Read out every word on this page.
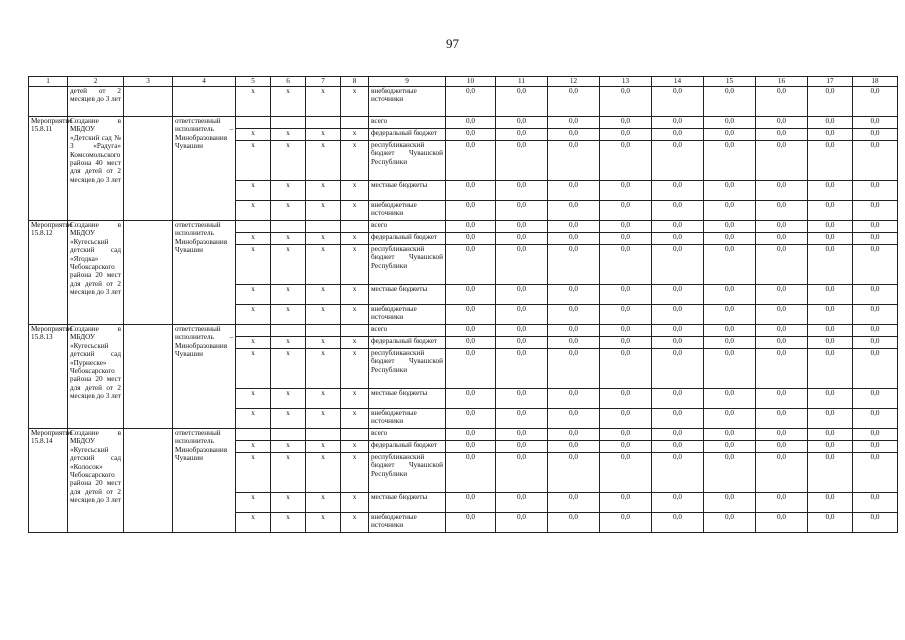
97
1	2	3	4	5	6	7	8	9	10	11	12	13	14	15	16	17	18
	детей от 2 месяцев до 3 лет			х	х	х	х	внебюджетные источники	0,0	0,0	0,0	0,0	0,0	0,0	0,0	0,0	0,0
Мероприятие 15.8.11	Создание в МБДОУ «Детский сад № 3 «Радуга» Комсомольского района 40 мест для детей от 2 месяцев до 3 лет		ответственный исполнитель – Минобразования Чувашии					всего	0,0	0,0	0,0	0,0	0,0	0,0	0,0	0,0	0,0
				х	х	х	х	федеральный бюджет	0,0	0,0	0,0	0,0	0,0	0,0	0,0	0,0	0,0
				х	х	х	х	республиканский бюджет Чувашской Республики	0,0	0,0	0,0	0,0	0,0	0,0	0,0	0,0	0,0
				х	х	х	х	местные бюджеты	0,0	0,0	0,0	0,0	0,0	0,0	0,0	0,0	0,0
				х	х	х	х	внебюджетные источники	0,0	0,0	0,0	0,0	0,0	0,0	0,0	0,0	0,0
Мероприятие 15.8.12	Создание в МБДОУ «Кугесьский детский сад «Ягодка» Чебоксарского района 20 мест для детей от 2 месяцев до 3 лет		ответственный исполнитель Минобразования Чувашии					всего	0,0	0,0	0,0	0,0	0,0	0,0	0,0	0,0	0,0
				х	х	х	х	федеральный бюджет	0,0	0,0	0,0	0,0	0,0	0,0	0,0	0,0	0,0
				х	х	х	х	республиканский бюджет Чувашской Республики	0,0	0,0	0,0	0,0	0,0	0,0	0,0	0,0	0,0
				х	х	х	х	местные бюджеты	0,0	0,0	0,0	0,0	0,0	0,0	0,0	0,0	0,0
				х	х	х	х	внебюджетные источники	0,0	0,0	0,0	0,0	0,0	0,0	0,0	0,0	0,0
Мероприятие 15.8.13	Создание в МБДОУ «Кугесьский детский сад «Пурнеске» Чебоксарского района 20 мест для детей от 2 месяцев до 3 лет		ответственный исполнитель – Минобразования Чувашии					всего	0,0	0,0	0,0	0,0	0,0	0,0	0,0	0,0	0,0
				х	х	х	х	федеральный бюджет	0,0	0,0	0,0	0,0	0,0	0,0	0,0	0,0	0,0
				х	х	х	х	республиканский бюджет Чувашской Республики	0,0	0,0	0,0	0,0	0,0	0,0	0,0	0,0	0,0
				х	х	х	х	местные бюджеты	0,0	0,0	0,0	0,0	0,0	0,0	0,0	0,0	0,0
				х	х	х	х	внебюджетные источники	0,0	0,0	0,0	0,0	0,0	0,0	0,0	0,0	0,0
Мероприятие 15.8.14	Создание в МБДОУ «Кугесьский детский сад «Колосок» Чебоксарского района 20 мест для детей от 2 месяцев до 3 лет		ответственный исполнитель Минобразования Чувашии					всего	0,0	0,0	0,0	0,0	0,0	0,0	0,0	0,0	0,0
				х	х	х	х	федеральный бюджет	0,0	0,0	0,0	0,0	0,0	0,0	0,0	0,0	0,0
				х	х	х	х	республиканский бюджет Чувашской Республики	0,0	0,0	0,0	0,0	0,0	0,0	0,0	0,0	0,0
				х	х	х	х	местные бюджеты	0,0	0,0	0,0	0,0	0,0	0,0	0,0	0,0	0,0
				х	х	х	х	внебюджетные источники	0,0	0,0	0,0	0,0	0,0	0,0	0,0	0,0	0,0
